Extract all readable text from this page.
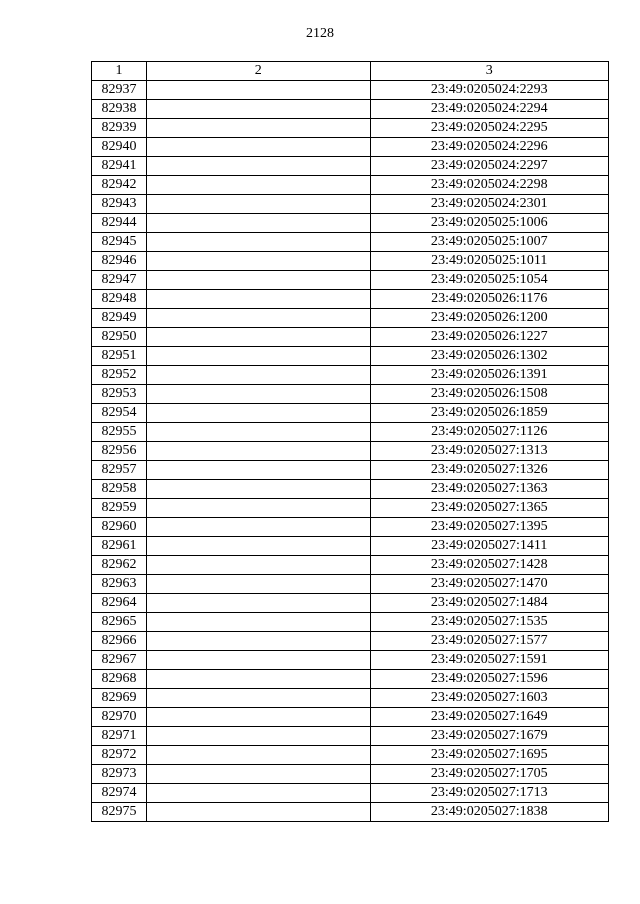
2128
1	2	3
82937		23:49:0205024:2293
82938		23:49:0205024:2294
82939		23:49:0205024:2295
82940		23:49:0205024:2296
82941		23:49:0205024:2297
82942		23:49:0205024:2298
82943		23:49:0205024:2301
82944		23:49:0205025:1006
82945		23:49:0205025:1007
82946		23:49:0205025:1011
82947		23:49:0205025:1054
82948		23:49:0205026:1176
82949		23:49:0205026:1200
82950		23:49:0205026:1227
82951		23:49:0205026:1302
82952		23:49:0205026:1391
82953		23:49:0205026:1508
82954		23:49:0205026:1859
82955		23:49:0205027:1126
82956		23:49:0205027:1313
82957		23:49:0205027:1326
82958		23:49:0205027:1363
82959		23:49:0205027:1365
82960		23:49:0205027:1395
82961		23:49:0205027:1411
82962		23:49:0205027:1428
82963		23:49:0205027:1470
82964		23:49:0205027:1484
82965		23:49:0205027:1535
82966		23:49:0205027:1577
82967		23:49:0205027:1591
82968		23:49:0205027:1596
82969		23:49:0205027:1603
82970		23:49:0205027:1649
82971		23:49:0205027:1679
82972		23:49:0205027:1695
82973		23:49:0205027:1705
82974		23:49:0205027:1713
82975		23:49:0205027:1838
